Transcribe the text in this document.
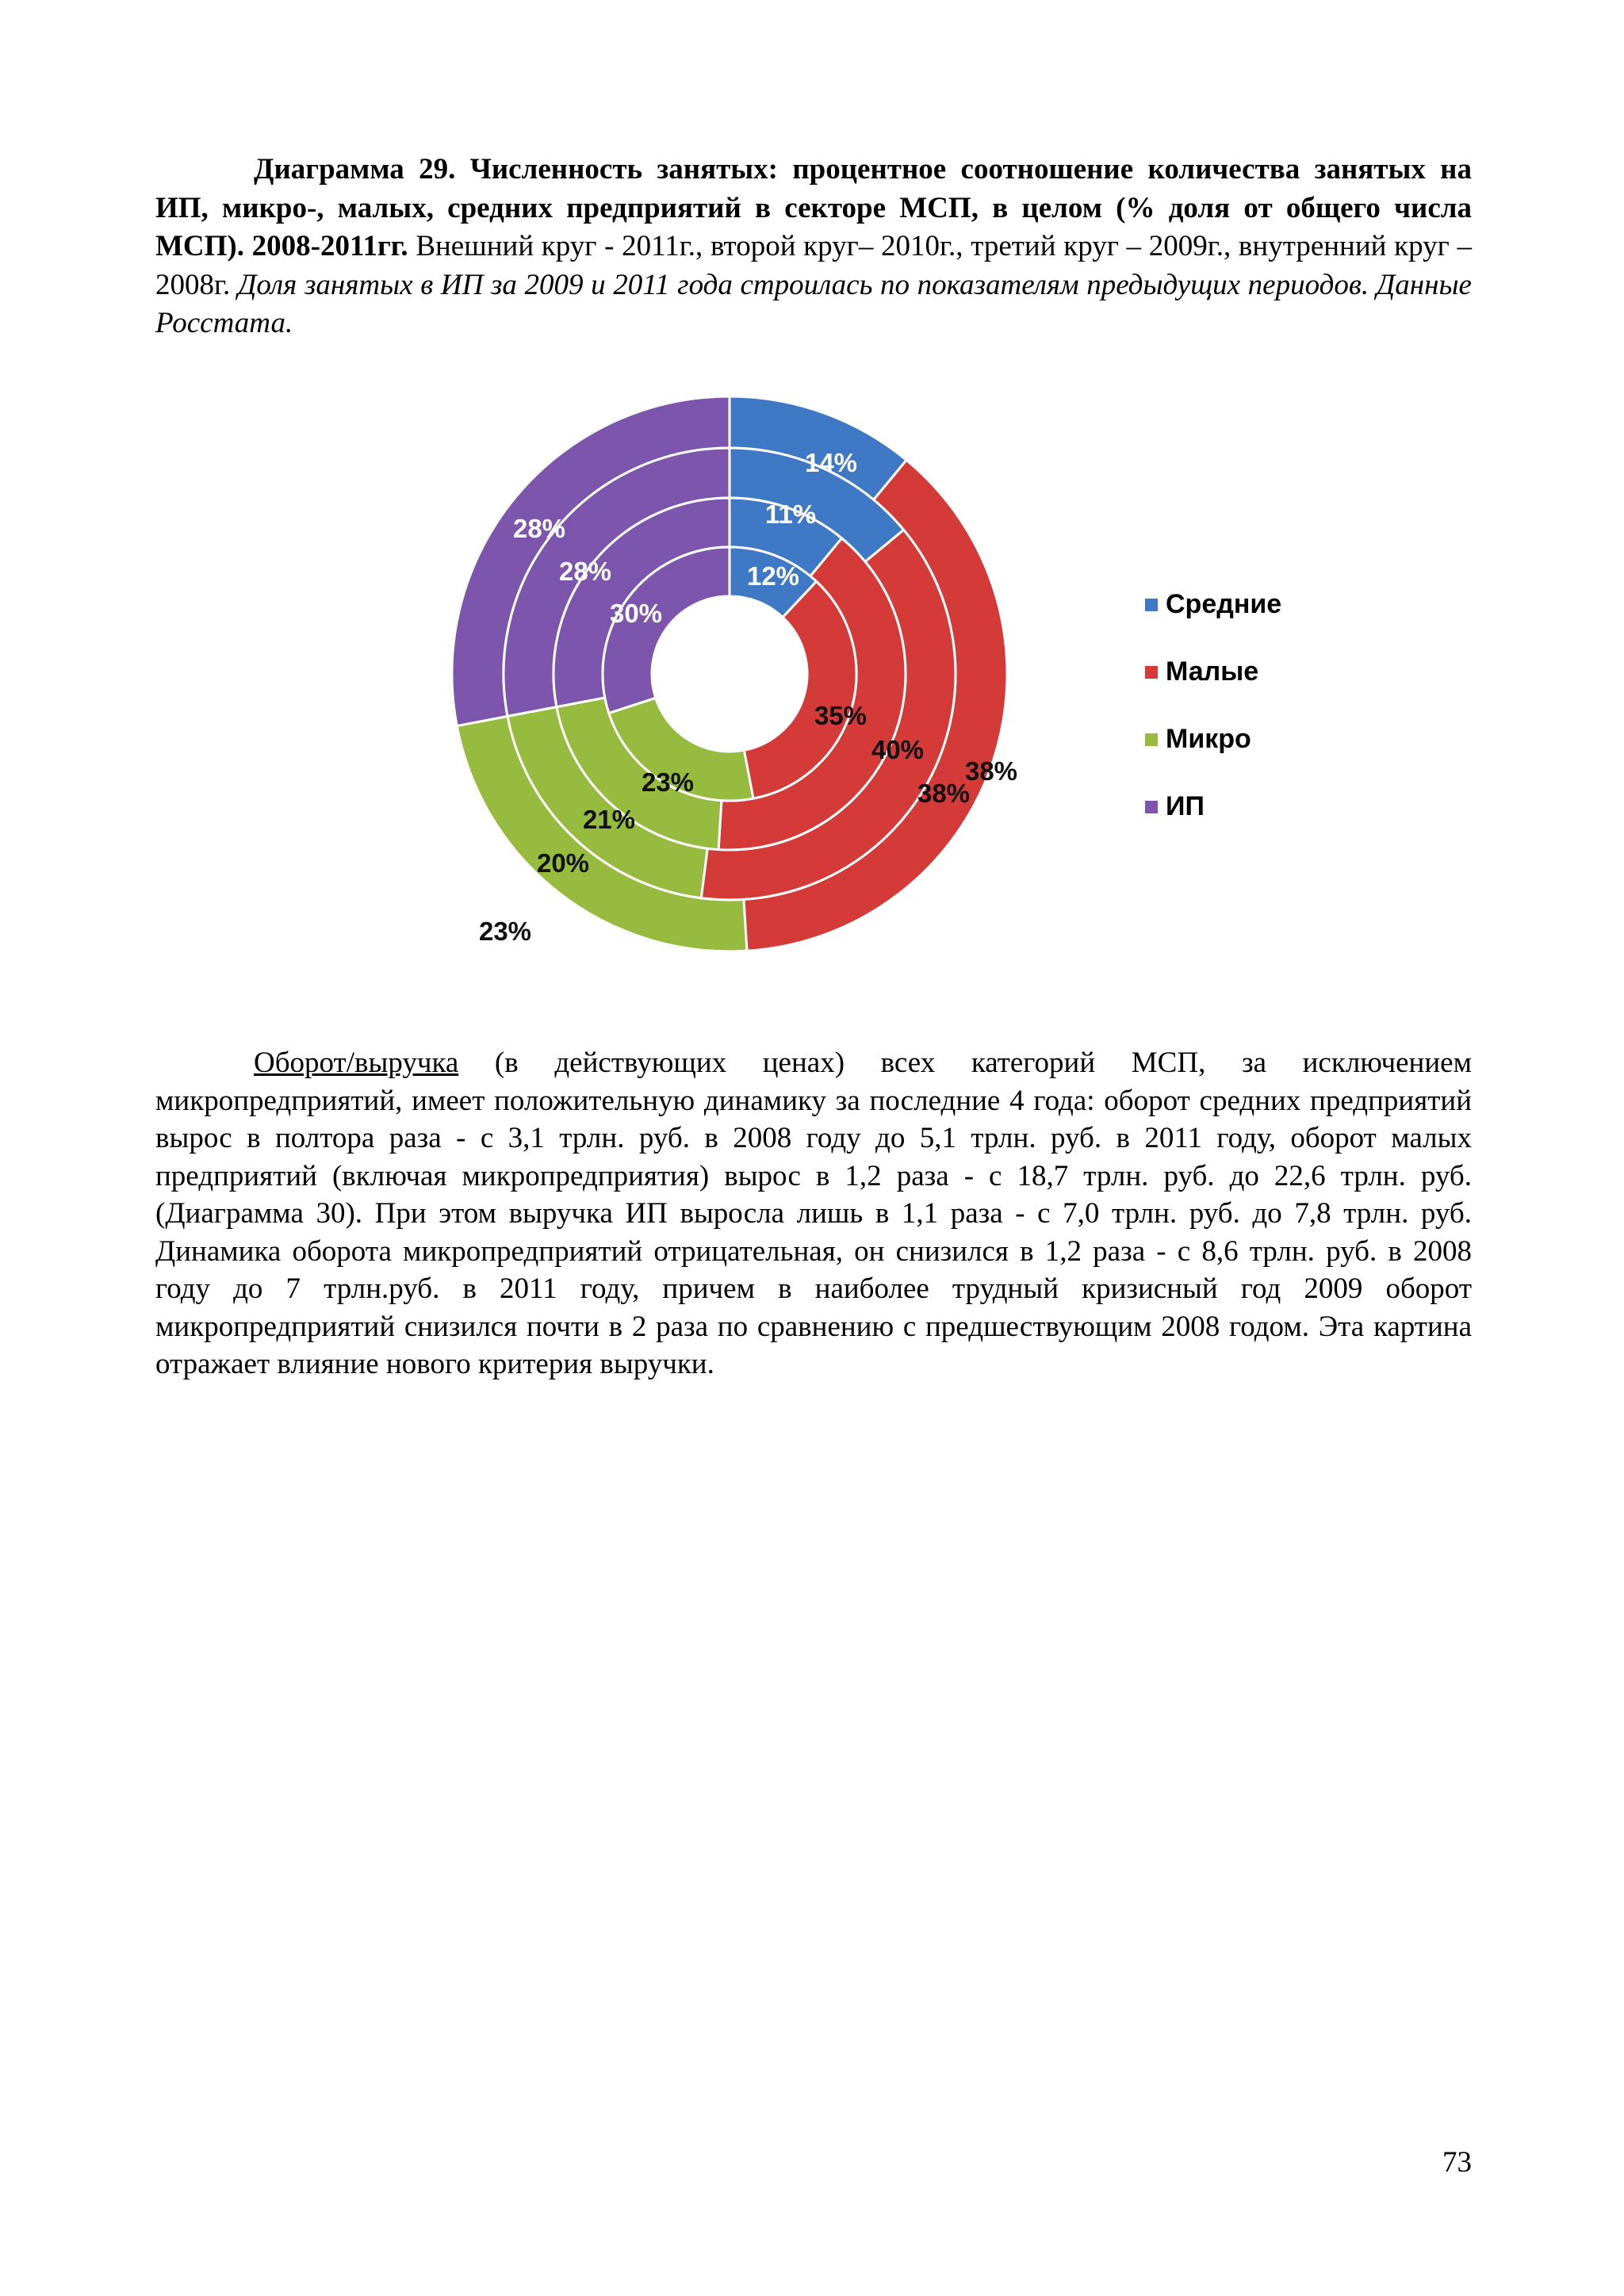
Диаграмма 29. Численность занятых: процентное соотношение количества занятых на ИП, микро-, малых, средних предприятий в секторе МСП, в целом (% доля от общего числа МСП). 2008-2011гг. Внешний круг - 2011г., второй круг– 2010г., третий круг – 2009г., внутренний круг – 2008г. Доля занятых в ИП за 2009 и 2011 года строилась по показателям предыдущих периодов. Данные Росстата.
11%
38%
23%
28%
14%
38%
20%
28%	11%
40%
21%
28%	12%
35%
23%
30%	Средние
Малые
Микро
ИП
Оборот/выручка (в действующих ценах) всех категорий МСП, за исключением микропредприятий, имеет положительную динамику за последние 4 года: оборот средних предприятий вырос в полтора раза - с 3,1 трлн. руб. в 2008 году до 5,1 трлн. руб. в 2011 году, оборот малых предприятий (включая микропредприятия) вырос в 1,2 раза - с 18,7 трлн. руб. до 22,6 трлн. руб. (Диаграмма 30). При этом выручка ИП выросла лишь в 1,1 раза - с 7,0 трлн. руб. до 7,8 трлн. руб. Динамика оборота микропредприятий отрицательная, он снизился в 1,2 раза - с 8,6 трлн. руб. в 2008 году до 7 трлн.руб. в 2011 году, причем в наиболее трудный кризисный год 2009 оборот микропредприятий снизился почти в 2 раза по сравнению с предшествующим 2008 годом. Эта картина отражает влияние нового критерия выручки.
73
